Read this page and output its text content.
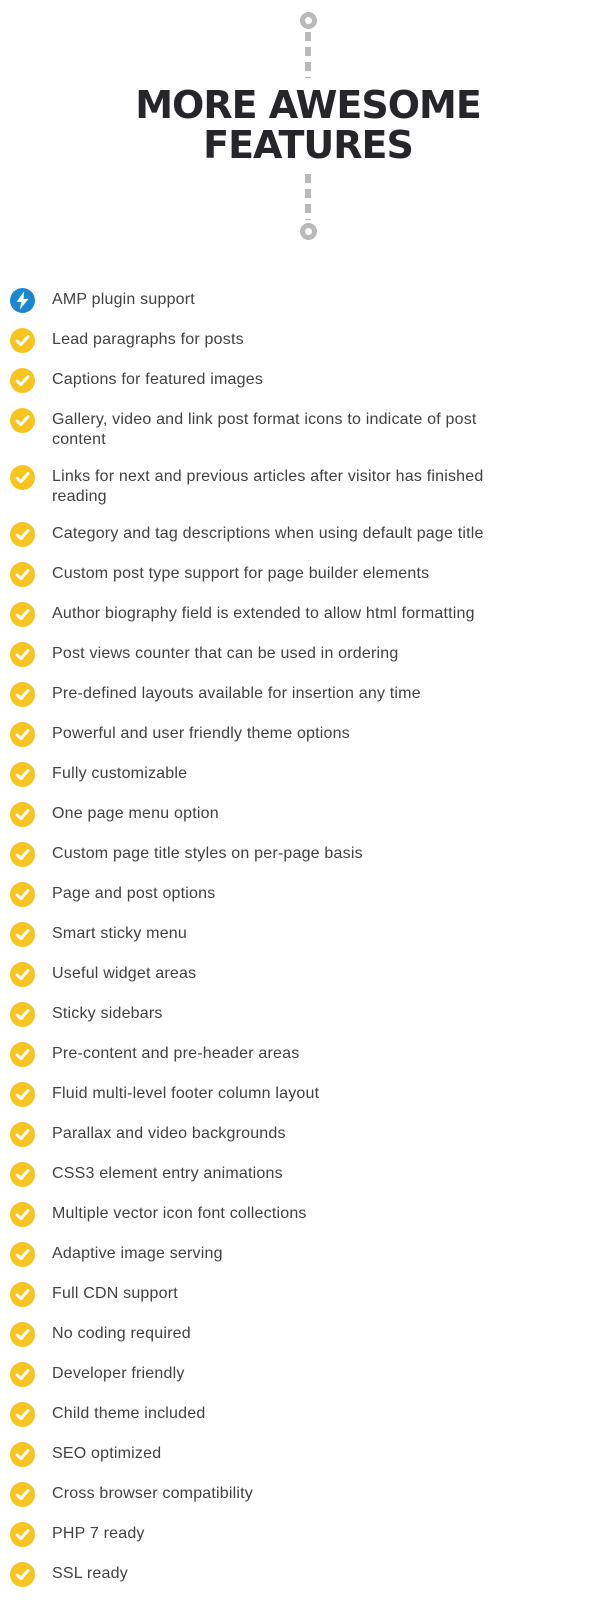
MORE AWESOME
FEATURES
AMP plugin support
Lead paragraphs for posts
Captions for featured images
Gallery, video and link post format icons to indicate of post content
Links for next and previous articles after visitor has finished reading
Category and tag descriptions when using default page title
Custom post type support for page builder elements
Author biography field is extended to allow html formatting
Post views counter that can be used in ordering
Pre-defined layouts available for insertion any time
Powerful and user friendly theme options
Fully customizable
One page menu option
Custom page title styles on per-page basis
Page and post options
Smart sticky menu
Useful widget areas
Sticky sidebars
Pre-content and pre-header areas
Fluid multi-level footer column layout
Parallax and video backgrounds
CSS3 element entry animations
Multiple vector icon font collections
Adaptive image serving
Full CDN support
No coding required
Developer friendly
Child theme included
SEO optimized
Cross browser compatibility
PHP 7 ready
SSL ready
